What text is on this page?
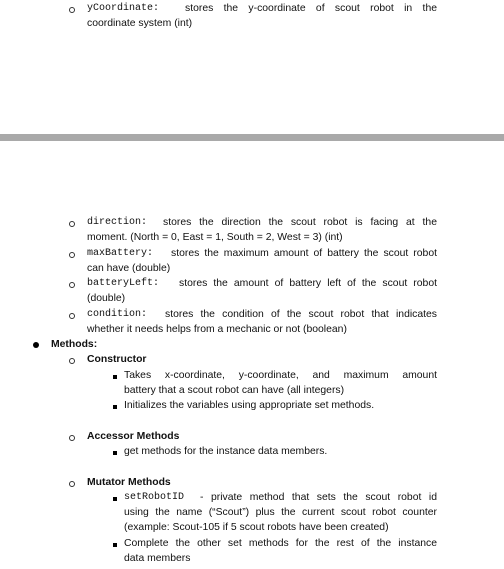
yCoordinate: stores the y-coordinate of scout robot in the
coordinate system (int)
direction: stores the direction the scout robot is facing at the
moment. (North = 0, East = 1, South = 2, West = 3) (int)
maxBattery: stores the maximum amount of battery the scout robot
can have (double)
batteryLeft: stores the amount of battery left of the scout robot
(double)
condition: stores the condition of the scout robot that indicates
whether it needs helps from a mechanic or not (boolean)
Methods:
Constructor
Takes x-coordinate, y-coordinate, and maximum amount
battery that a scout robot can have (all integers)
Initializes the variables using appropriate set methods.
Accessor Methods
get methods for the instance data members.
Mutator Methods
setRobotID - private method that sets the scout robot id
using the name (“Scout”) plus the current scout robot counter
(example: Scout-105 if 5 scout robots have been created)
Complete the other set methods for the rest of the instance
data members
